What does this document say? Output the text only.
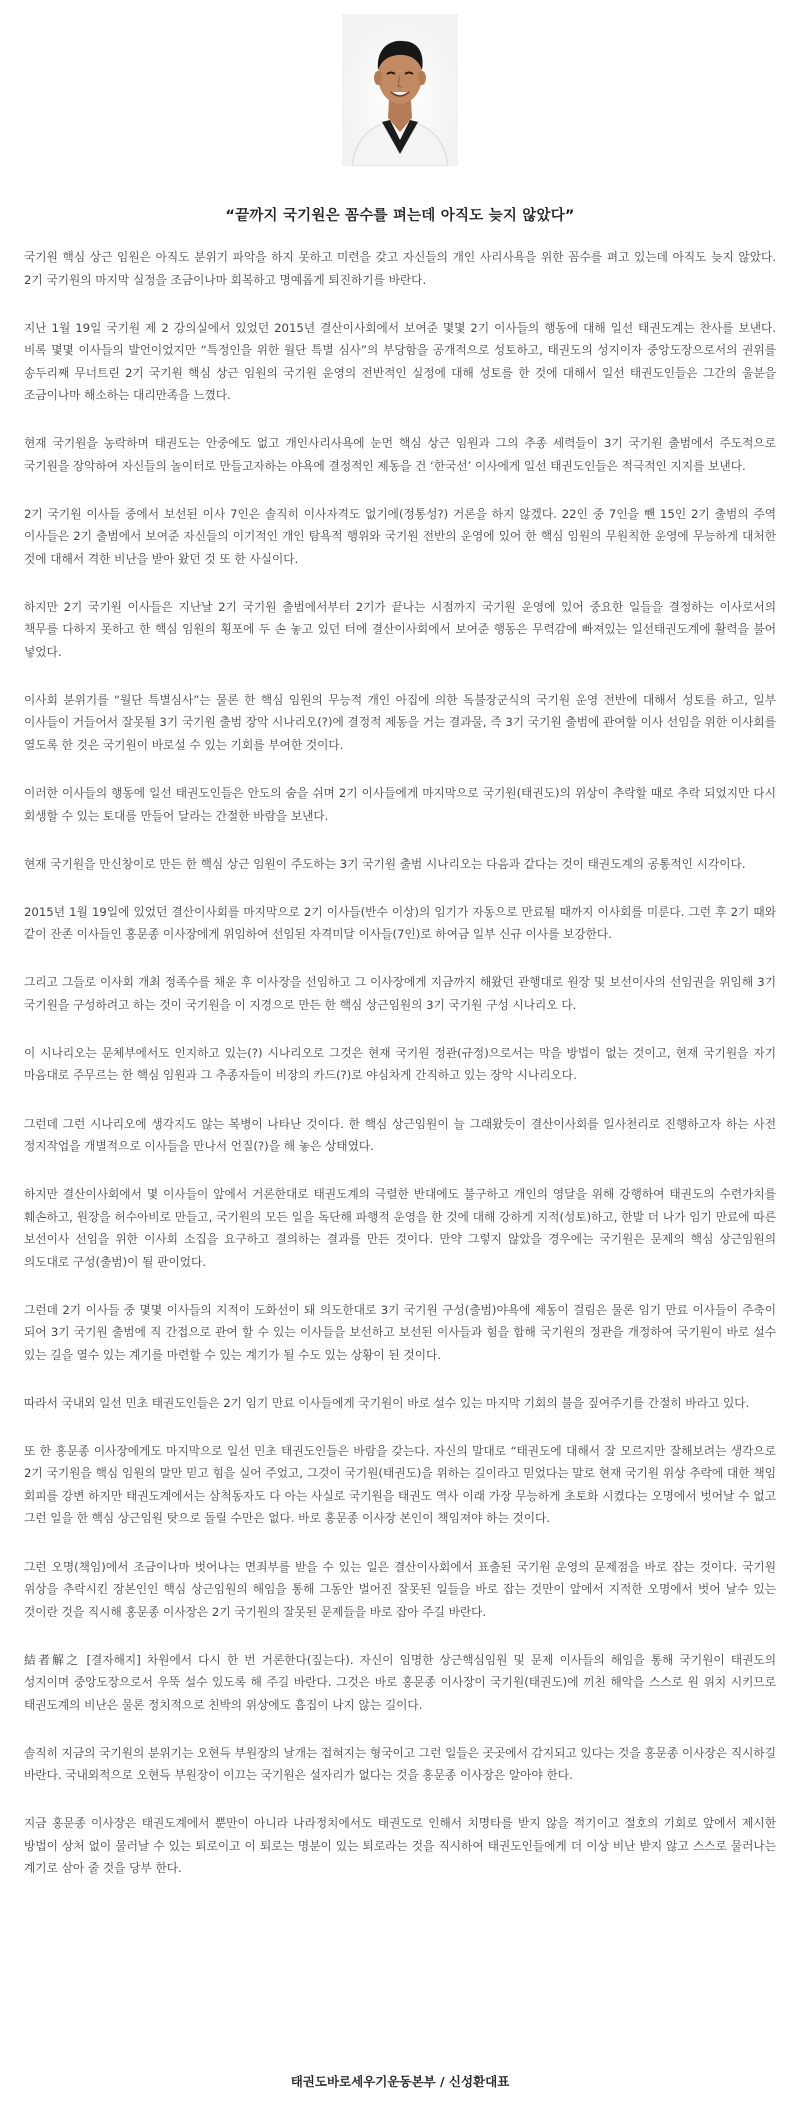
“끝까지 국기원은 꼼수를 펴는데 아직도 늦지 않았다”

국기원 핵심 상근 임원은 아직도 분위기 파악을 하지 못하고 미련을 갖고 자신들의 개인 사리사욕을 위한 꼼수를 펴고 있는데 아직도 늦지 않았다. 2기 국기원의 마지막 실정을 조금이나마 회복하고 명예롭게 퇴진하기를 바란다.

지난 1월 19일 국기원 제 2 강의실에서 있었던 2015년 결산이사회에서 보여준 몇몇 2기 이사들의 행동에 대해 일선 태권도계는 찬사를 보낸다. 비록 몇몇 이사들의 발언이었지만 “특정인을 위한 월단 특별 심사”의 부당함을 공개적으로 성토하고, 태권도의 성지이자 중앙도장으로서의 권위를 송두리째 무너트린 2기 국기원 핵심 상근 임원의 국기원 운영의 전반적인 실정에 대해 성토를 한 것에 대해서 일선 태권도인들은 그간의 울분을 조금이나마 해소하는 대리만족을 느꼈다.

현재 국기원을 농락하며 태권도는 안중에도 없고 개인사리사욕에 눈먼 핵심 상근 임원과 그의 추종 세력들이 3기 국기원 출범에서 주도적으로 국기원을 장악하여 자신들의 놀이터로 만들고자하는 야욕에 결정적인 제동을 건 ‘한국선’ 이사에게 일선 태권도인들은 적극적인 지지를 보낸다.

2기 국기원 이사들 중에서 보선된 이사 7인은 솔직히 이사자격도 없기에(정통성?) 거론을 하지 않겠다. 22인 중 7인을 뺀 15인 2기 출범의 주역 이사들은 2기 출범에서 보여준 자신들의 이기적인 개인 탐욕적 행위와 국기원 전반의 운영에 있어 한 핵심 임원의 무원칙한 운영에 무능하게 대처한 것에 대해서 격한 비난을 받아 왔던 것 또 한 사실이다.

하지만 2기 국기원 이사들은 지난날 2기 국기원 출범에서부터 2기가 끝나는 시점까지 국기원 운영에 있어 중요한 일들을 결정하는 이사로서의 책무를 다하지 못하고 한 핵심 임원의 횡포에 두 손 놓고 있던 터에 결산이사회에서 보여준 행동은 무력감에 빠져있는 일선태권도계에 활력을 불어 넣었다.

이사회 분위기를 “월단 특별심사”는 물론 한 핵심 임원의 무능적 개인 아집에 의한 독불장군식의 국기원 운영 전반에 대해서 성토를 하고, 일부 이사들이 거들어서 잘못될 3기 국기원 출범 장악 시나리오(?)에 결정적 제동을 거는 결과물, 즉 3기 국기원 출범에 관여할 이사 선임을 위한 이사회를 열도록 한 것은 국기원이 바로설 수 있는 기회를 부여한 것이다.

이러한 이사들의 행동에 일선 태권도인들은 안도의 숨을 쉬며 2기 이사들에게 마지막으로 국기원(태권도)의 위상이 추락할 때로 추락 되었지만 다시 회생할 수 있는 토대를 만들어 달라는 간절한 바람을 보낸다.

현재 국기원을 만신창이로 만든 한 핵심 상근 임원이 주도하는 3기 국기원 출범 시나리오는 다음과 같다는 것이 태권도계의 공통적인 시각이다.

2015년 1월 19일에 있었던 결산이사회를 마지막으로 2기 이사들(반수 이상)의 임기가 자동으로 만료될 때까지 이사회를 미룬다. 그런 후 2기 때와 같이 잔존 이사들인 홍문종 이사장에게 위임하여 선임된 자격미달 이사들(7인)로 하여금 일부 신규 이사를 보강한다.

그리고 그들로 이사회 개최 정족수를 채운 후 이사장을 선임하고 그 이사장에게 지금까지 해왔던 관행대로 원장 및 보선이사의 선임권을 위임해 3기 국기원을 구성하려고 하는 것이 국기원을 이 지경으로 만든 한 핵심 상근임원의 3기 국기원 구성 시나리오 다.

이 시나리오는 문체부에서도 인지하고 있는(?) 시나리오로 그것은 현재 국기원 정관(규정)으로서는 막을 방법이 없는 것이고, 현재 국기원을 자기 마음대로 주무르는 한 핵심 임원과 그 추종자들이 비장의 카드(?)로 야심차게 간직하고 있는 장악 시나리오다.

그런데 그런 시나리오에 생각지도 않는 복병이 나타난 것이다. 한 핵심 상근임원이 늘 그래왔듯이 결산이사회를 일사천리로 진행하고자 하는 사전 정지작업을 개별적으로 이사들을 만나서 언질(?)을 해 놓은 상태였다.

하지만 결산이사회에서 몇 이사들이 앞에서 거론한대로 태권도계의 극렬한 반대에도 불구하고 개인의 영달을 위해 강행하여 태권도의 수련가치를 훼손하고, 원장을 허수아비로 만들고, 국기원의 모든 일을 독단해 파행적 운영을 한 것에 대해 강하게 지적(성토)하고, 한발 더 나가 임기 만료에 따른 보선이사 선임을 위한 이사회 소집을 요구하고 결의하는 결과를 만든 것이다. 만약 그렇지 않았을 경우에는 국기원은 문제의 핵심 상근임원의 의도대로 구성(출범)이 될 판이었다.

그런데 2기 이사들 중 몇몇 이사들의 지적이 도화선이 돼 의도한대로 3기 국기원 구성(출범)야욕에 제동이 걸림은 물론 임기 만료 이사들이 주축이 되어 3기 국기원 출범에 직 간접으로 관여 할 수 있는 이사들을 보선하고 보선된 이사들과 힘을 합해 국기원의 정관을 개정하여 국기원이 바로 설수 있는 길을 열수 있는 계기를 마련할 수 있는 계기가 될 수도 있는 상황이 된 것이다.

따라서 국내외 일선 민초 태권도인들은 2기 임기 만료 이사들에게 국기원이 바로 설수 있는 마지막 기회의 불을 짚여주기를 간절히 바라고 있다.

또 한 홍문종 이사장에게도 마지막으로 일선 민초 태권도인들은 바람을 갖는다. 자신의 말대로 “태권도에 대해서 잘 모르지만 잘해보려는 생각으로 2기 국기원을 핵심 임원의 말만 믿고 힘을 실어 주었고, 그것이 국기원(태권도)을 위하는 길이라고 믿었다는 말로 현재 국기원 위상 추락에 대한 책임 회피를 강변 하지만 태권도계에서는 삼척동자도 다 아는 사실로 국기원을 태권도 역사 이래 가장 무능하게 초토화 시켰다는 오명에서 벗어날 수 없고 그런 일을 한 핵심 상근임원 탓으로 돌릴 수만은 없다. 바로 홍문종 이사장 본인이 책임져야 하는 것이다.

그런 오명(책임)에서 조금이나마 벗어나는 면죄부를 받을 수 있는 일은 결산이사회에서 표출된 국기원 운영의 문제점을 바로 잡는 것이다. 국기원 위상을 추락시킨 장본인인 핵심 상근임원의 해임을 통해 그동안 벌어진 잘못된 일들을 바로 잡는 것만이 앞에서 지적한 오명에서 벗어 날수 있는 것이란 것을 직시해 홍문종 이사장은 2기 국기원의 잘못된 문제들을 바로 잡아 주길 바란다.

結者解之 [결자해지] 차원에서 다시 한 번 거론한다(짚는다). 자신이 임명한 상근핵심임원 및 문제 이사들의 해임을 통해 국기원이 태권도의 성지이며 중앙도장으로서 우뚝 설수 있도록 해 주길 바란다. 그것은 바로 홍문종 이사장이 국기원(태권도)에 끼친 해악을 스스로 원 위치 시키므로 태권도계의 비난은 물론 정치적으로 친박의 위상에도 흠집이 나지 않는 길이다.

솔직히 지금의 국기원의 분위기는 오현득 부원장의 날개는 접혀지는 형국이고 그런 일들은 곳곳에서 감지되고 있다는 것을 홍문종 이사장은 직시하길 바란다. 국내외적으로 오현득 부원장이 이끄는 국기원은 설자리가 없다는 것을 홍문종 이사장은 알아야 한다.

지금 홍문종 이사장은 태권도계에서 뿐만이 아니라 나라정치에서도 태권도로 인해서 치명타를 받지 않을 적기이고 절호의 기회로 앞에서 제시한 방법이 상처 없이 물러날 수 있는 퇴로이고 이 퇴로는 명분이 있는 퇴로라는 것을 직시하여 태권도인들에게 더 이상 비난 받지 않고 스스로 물러나는 계기로 삼아 줄 것을 당부 한다.

태권도바로세우기운동본부 / 신성환대표
